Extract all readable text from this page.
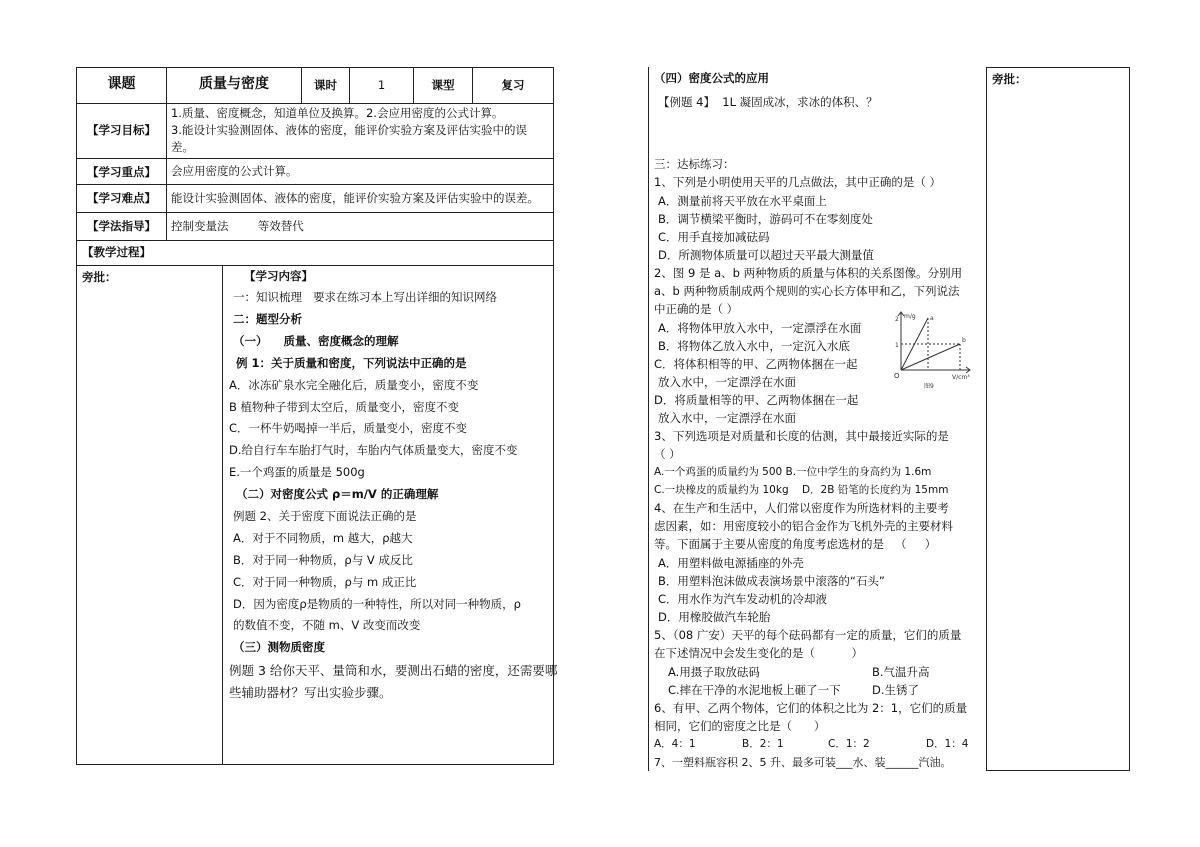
课题	质量与密度	课时	1	课型	复习
【学习目标】
1.质量、密度概念，知道单位及换算。2.会应用密度的公式计算。
3.能设计实验测固体、液体的密度，能评价实验方案及评估实验中的误
差。
【学习重点】	会应用密度的公式计算。
【学习难点】	能设计实验测固体、液体的密度，能评价实验方案及评估实验中的误差。
【学法指导】	控制变量法        等效替代
【教学过程】
旁批：	【学习内容】
一：知识梳理   要求在练习本上写出详细的知识网络
二：题型分析
（一）    质量、密度概念的理解
例 1：关于质量和密度，下列说法中正确的是
A．冰冻矿泉水完全融化后，质量变小，密度不变
B 植物种子带到太空后，质量变小，密度不变
C．一杯牛奶喝掉一半后，质量变小，密度不变
D.给自行车车胎打气时，车胎内气体质量变大，密度不变
E.一个鸡蛋的质量是 500g
（二）对密度公式 ρ＝m/V 的正确理解
例题 2、关于密度下面说法正确的是
A．对于不同物质，m 越大，ρ越大
B．对于同一种物质，ρ与 V 成反比
C．对于同一种物质，ρ与 m 成正比
D．因为密度ρ是物质的一种特性，所以对同一种物质，ρ
的数值不变，不随 m、V 改变而改变
（三）测物质密度
例题 3 给你天平、量筒和水，要测出石蜡的密度，还需要哪
些辅助器材？写出实验步骤。
旁批：
（四）密度公式的应用
【例题 4】  1L 凝固成冰，求冰的体积、？
三：达标练习：
1、下列是小明使用天平的几点做法，其中正确的是（ ）
A．测量前将天平放在水平桌面上
B．调节横梁平衡时，游码可不在零刻度处
C．用手直接加减砝码
D．所测物体质量可以超过天平最大测量值
2、图 9 是 a、b 两种物质的质量与体积的关系图像。分别用
a、b 两种物质制成两个规则的实心长方体甲和乙，下列说法
中正确的是（ ）
A．将物体甲放入水中，一定漂浮在水面
B．将物体乙放入水中，一定沉入水底
C．将体积相等的甲、乙两物体捆在一起
放入水中，一定漂浮在水面
D．将质量相等的甲、乙两物体捆在一起
放入水中，一定漂浮在水面
3、下列选项是对质量和长度的估测，其中最接近实际的是
（ ）
A.一个鸡蛋的质量约为 500 B.一位中学生的身高约为 1.6m
C.一块橡皮的质量约为 10kg    D．2B 铅笔的长度约为 15mm
4、在生产和生活中，人们常以密度作为所选材料的主要考
虑因素，如：用密度较小的铝合金作为飞机外壳的主要材料
等。下面属于主要从密度的角度考虑选材的是   （     ）
A．用塑料做电源插座的外壳
B．用塑料泡沫做成表演场景中滚落的“石头”
C．用水作为汽车发动机的冷却液
D．用橡胶做汽车轮胎
5、（08 广安）天平的每个砝码都有一定的质量，它们的质量
在下述情况中会发生变化的是（          ）
A.用摄子取放砝码	B.气温升高
C.摔在干净的水泥地板上砸了一下	D.生锈了
6、有甲、乙两个物体，它们的体积之比为 2：1，它们的质量
相同，它们的密度之比是（      ）
A．4：1	B．2：1	C．1：2	D．1：4
7、一塑料瓶容积 2、5 升、最多可装___水、装______汽油。
m/g
V/cm³
O
1
2	a
b
图9
